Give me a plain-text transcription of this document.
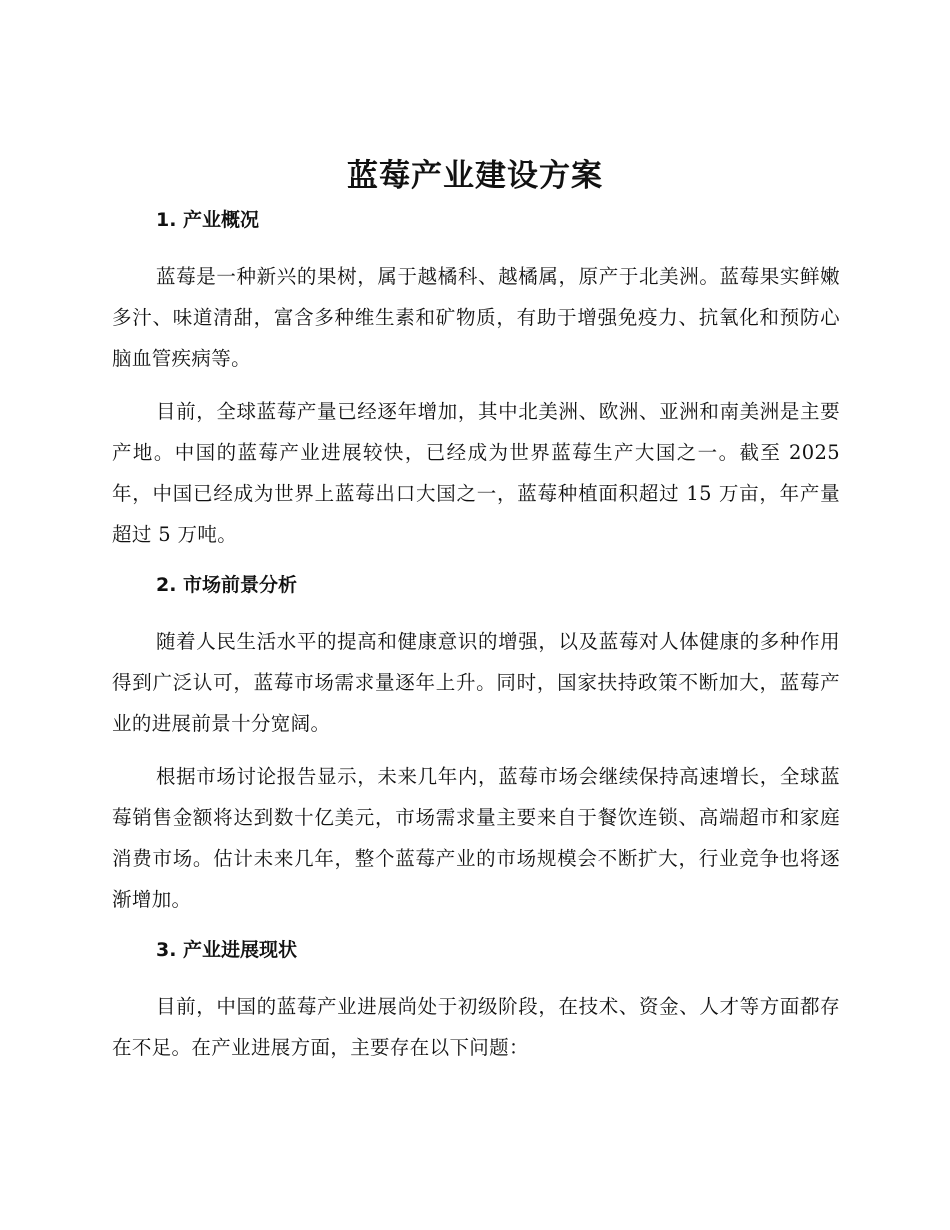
蓝莓产业建设方案
1. 产业概况

蓝莓是一种新兴的果树，属于越橘科、越橘属，原产于北美洲。蓝莓果实鲜嫩多汁、味道清甜，富含多种维生素和矿物质，有助于增强免疫力、抗氧化和预防心脑血管疾病等。

目前，全球蓝莓产量已经逐年增加，其中北美洲、欧洲、亚洲和南美洲是主要产地。中国的蓝莓产业进展较快，已经成为世界蓝莓生产大国之一。截至 2025 年，中国已经成为世界上蓝莓出口大国之一，蓝莓种植面积超过 15 万亩，年产量超过 5 万吨。

2. 市场前景分析

随着人民生活水平的提高和健康意识的增强，以及蓝莓对人体健康的多种作用得到广泛认可，蓝莓市场需求量逐年上升。同时，国家扶持政策不断加大，蓝莓产业的进展前景十分宽阔。

根据市场讨论报告显示，未来几年内，蓝莓市场会继续保持高速增长，全球蓝莓销售金额将达到数十亿美元，市场需求量主要来自于餐饮连锁、高端超市和家庭消费市场。估计未来几年，整个蓝莓产业的市场规模会不断扩大，行业竞争也将逐渐增加。

3. 产业进展现状

目前，中国的蓝莓产业进展尚处于初级阶段，在技术、资金、人才等方面都存在不足。在产业进展方面，主要存在以下问题：
